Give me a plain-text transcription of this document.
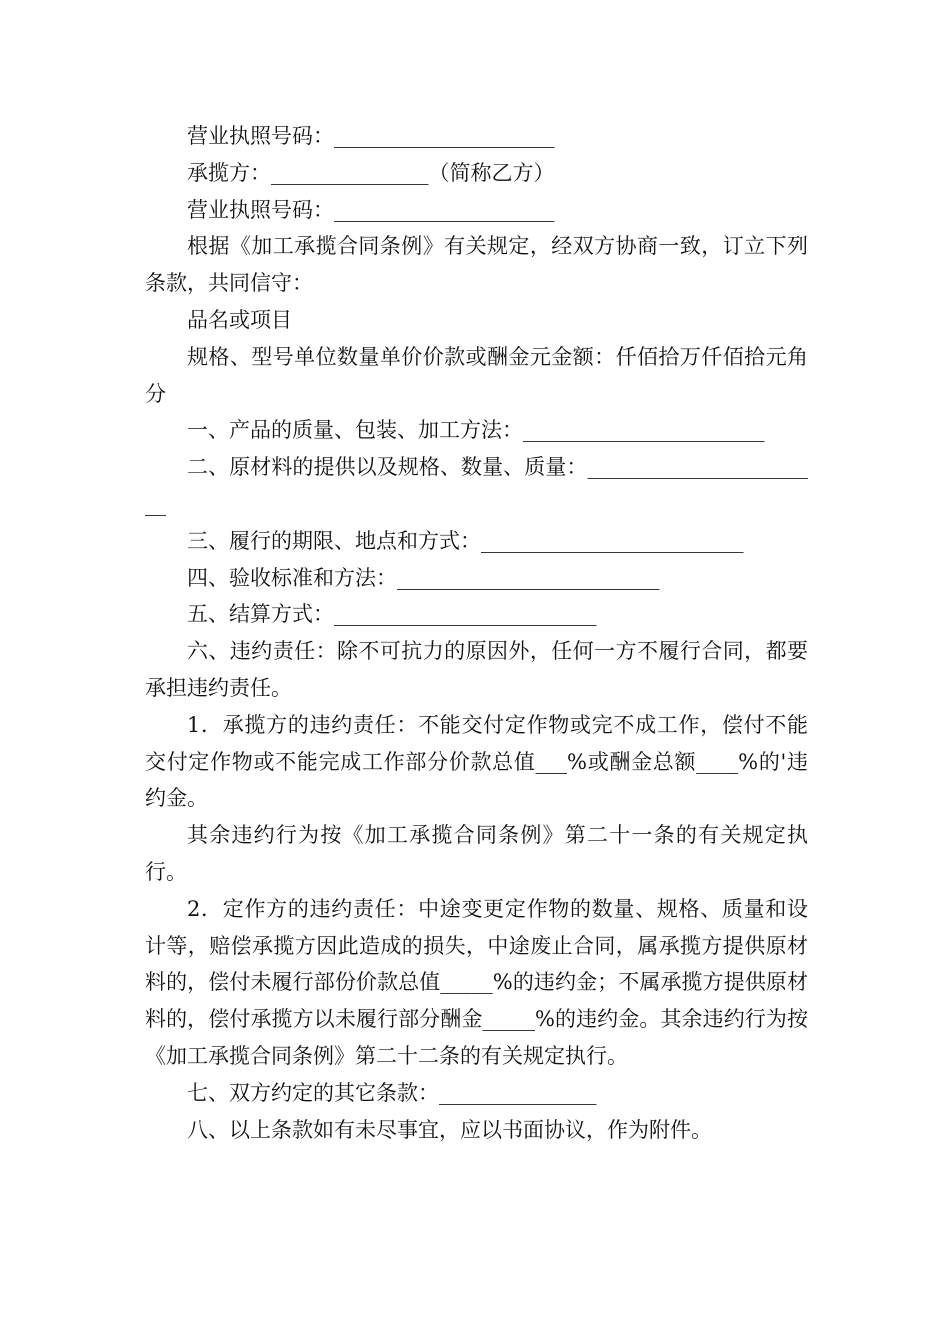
营业执照号码：_____________________

承揽方：_______________（简称乙方）

营业执照号码：_____________________

根据《加工承揽合同条例》有关规定，经双方协商一致，订立下列条款，共同信守：

品名或项目

规格、型号单位数量单价价款或酬金元金额：仟佰拾万仟佰拾元角分

一、产品的质量、包装、加工方法：_______________________

二、原材料的提供以及规格、数量、质量：_______________________

三、履行的期限、地点和方式：_________________________

四、验收标准和方法：_________________________

五、结算方式：_________________________

六、违约责任：除不可抗力的原因外，任何一方不履行合同，都要承担违约责任。

1．承揽方的违约责任：不能交付定作物或完不成工作，偿付不能交付定作物或不能完成工作部分价款总值___%或酬金总额____%的'违约金。

其余违约行为按《加工承揽合同条例》第二十一条的有关规定执行。

2．定作方的违约责任：中途变更定作物的数量、规格、质量和设计等，赔偿承揽方因此造成的损失，中途废止合同，属承揽方提供原材料的，偿付未履行部份价款总值_____%的违约金；不属承揽方提供原材料的，偿付承揽方以未履行部分酬金_____%的违约金。其余违约行为按《加工承揽合同条例》第二十二条的有关规定执行。

七、双方约定的其它条款：_______________

八、以上条款如有未尽事宜，应以书面协议，作为附件。
